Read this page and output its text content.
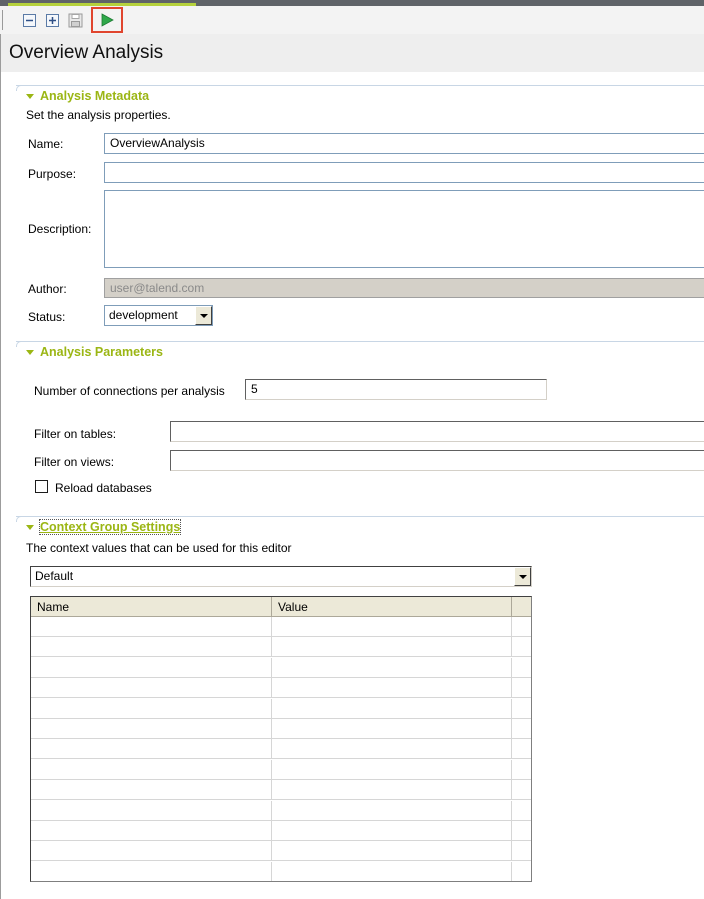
Overview Analysis
Analysis Metadata
Set the analysis properties.
Name:	OverviewAnalysis
Purpose:
Description:
Author:	user@talend.com
Status:	development
Analysis Parameters
Number of connections per analysis	5
Filter on tables:
Filter on views:
Reload databases
Context Group Settings
The context values that can be used for this editor
Default
Name	Value
